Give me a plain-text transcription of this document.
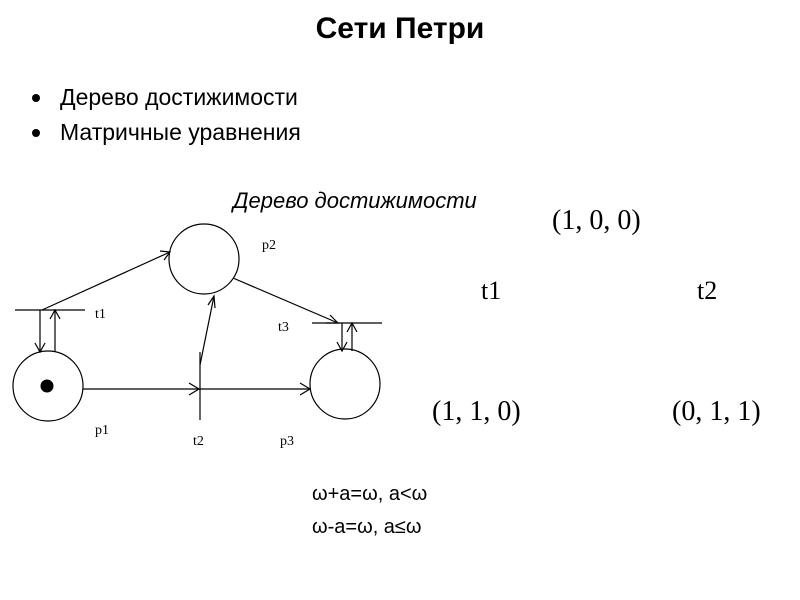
Сети Петри
Дерево достижимости
Матричные уравнения
Дерево достижимости
p2
t1
t3
p1
t2	p3
(1, 0, 0)
t1	t2
(1, 1, 0)	(0, 1, 1)
ω+a=ω, a<ω
ω-a=ω, a≤ω
